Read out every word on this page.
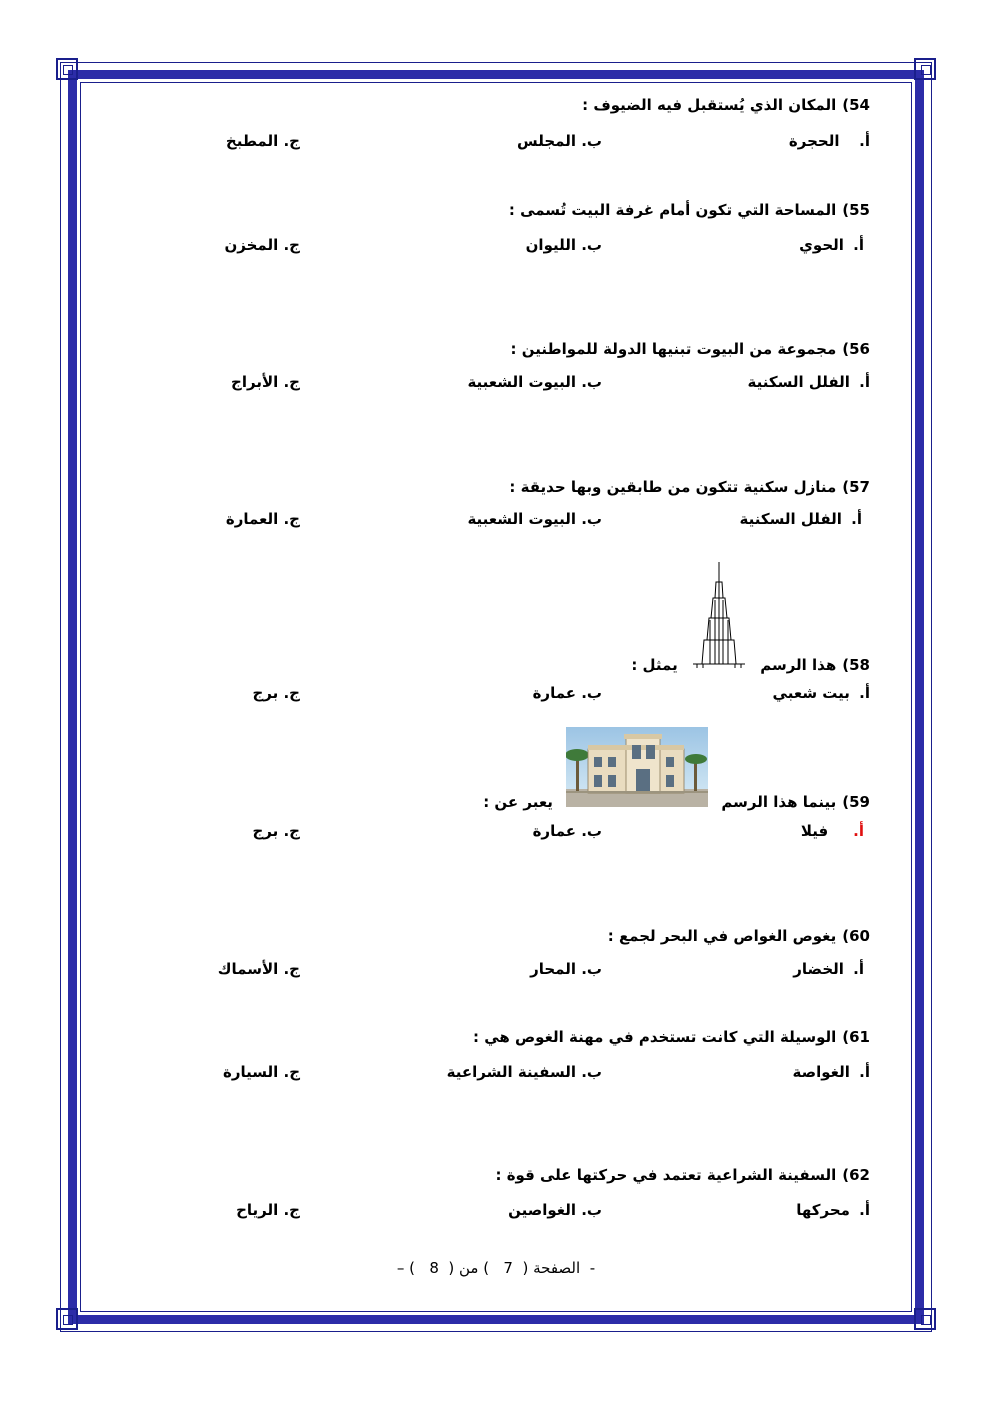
54)المكان الذي يُستقبل فيه الضيوف :
أ.   الحجرة
ب. المجلس
ج. المطبخ
55)المساحة التي تكون أمام غرفة البيت تُسمى :
أ. الحوي
ب. الليوان
ج. المخزن
56)مجموعة من البيوت تبنيها الدولة للمواطنين :
أ. الفلل السكنية
ب. البيوت الشعبية
ج. الأبراج
57)منازل سكنية تتكون من طابقين وبها حديقة :
أ. الفلل السكنية
ب. البيوت الشعبية
ج. العمارة
58)هذا الرسم  يمثل :
أ. بيت شعبي
ب. عمارة
ج. برج
59)بينما هذا الرسم  يعبر عن :
أ.    فيلا
ب. عمارة
ج. برج
60)يغوص الغواص في البحر لجمع :
أ. الخضار
ب. المحار
ج. الأسماك
61)الوسيلة التي كانت تستخدم في مهنة الغوص هي :
أ. الغواصة
ب. السفينة الشراعية
ج. السيارة
62)السفينة الشراعية تعتمد في حركتها على قوة :
أ. محركها
ب. الغواصين
ج. الرياح
-  الصفحة (  7   ) من (  8   ) –
